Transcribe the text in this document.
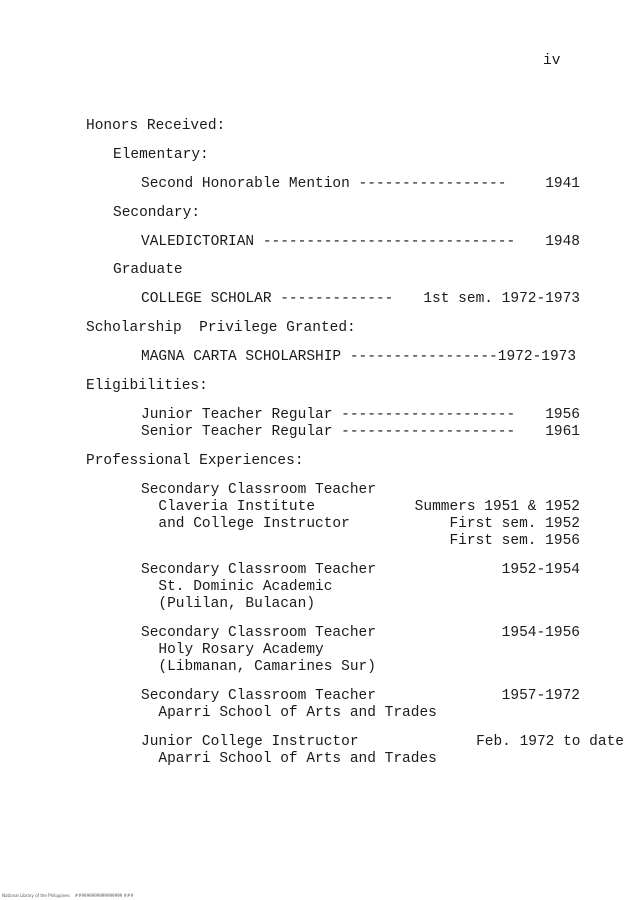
iv
Honors Received:
Elementary:
Second Honorable Mention -----------------	1941
Secondary:
VALEDICTORIAN ----------------------------- 1948
Graduate
COLLEGE SCHOLAR ------------- 1st sem. 1972-1973
Scholarship  Privilege Granted:
MAGNA CARTA SCHOLARSHIP -----------------1972-1973
Eligibilities:
Junior Teacher Regular -------------------- 1956
Senior Teacher Regular -------------------- 1961
Professional Experiences:
Secondary Classroom Teacher
Claveria Institute
and College Instructor
Summers 1951 & 1952
First sem. 1952
First sem. 1956
Secondary Classroom Teacher
St. Dominic Academic
(Pulilan, Bulacan)
1952-1954
Secondary Classroom Teacher
Holy Rosary Academy
(Libmanan, Camarines Sur)
1954-1956
Secondary Classroom Teacher
Aparri School of Arts and Trades
1957-1972
Junior College Instructor
Aparri School of Arts and Trades
Feb. 1972 to date
National Library of the Philippines    ##9999999999999999 ###
